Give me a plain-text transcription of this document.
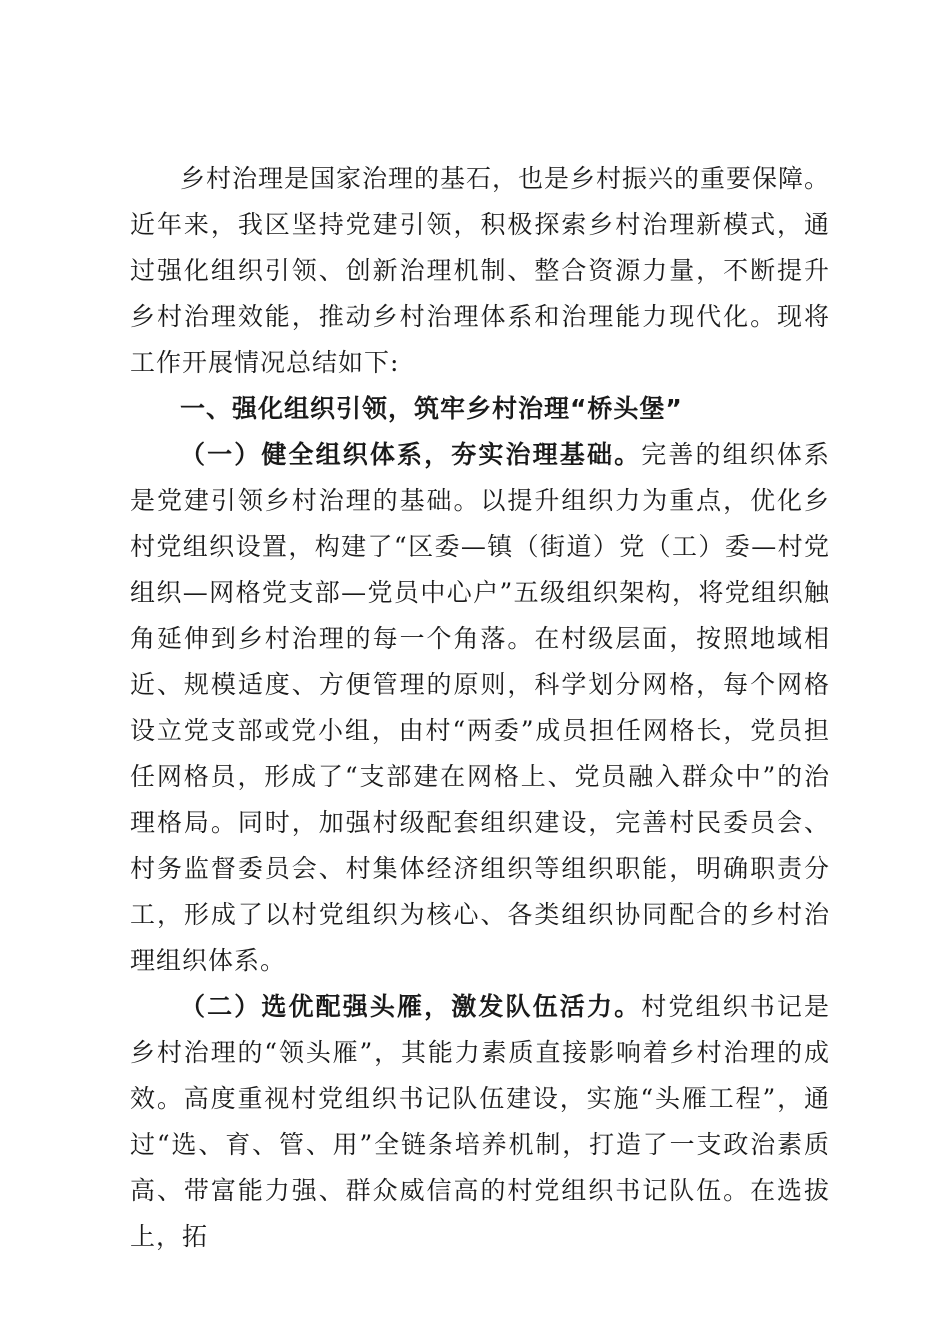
乡村治理是国家治理的基石，也是乡村振兴的重要保障。近年来，我区坚持党建引领，积极探索乡村治理新模式，通过强化组织引领、创新治理机制、整合资源力量，不断提升乡村治理效能，推动乡村治理体系和治理能力现代化。现将工作开展情况总结如下:

一、强化组织引领，筑牢乡村治理“桥头堡”

（一）健全组织体系，夯实治理基础。完善的组织体系是党建引领乡村治理的基础。以提升组织力为重点，优化乡村党组织设置，构建了“区委—镇（街道）党（工）委—村党组织—网格党支部—党员中心户”五级组织架构，将党组织触角延伸到乡村治理的每一个角落。在村级层面，按照地域相近、规模适度、方便管理的原则，科学划分网格，每个网格设立党支部或党小组，由村“两委”成员担任网格长，党员担任网格员，形成了“支部建在网格上、党员融入群众中”的治理格局。同时，加强村级配套组织建设，完善村民委员会、村务监督委员会、村集体经济组织等组织职能，明确职责分工，形成了以村党组织为核心、各类组织协同配合的乡村治理组织体系。

（二）选优配强头雁，激发队伍活力。村党组织书记是乡村治理的“领头雁”，其能力素质直接影响着乡村治理的成效。高度重视村党组织书记队伍建设，实施“头雁工程”，通过“选、育、管、用”全链条培养机制，打造了一支政治素质高、带富能力强、群众威信高的村党组织书记队伍。在选拔上，拓
